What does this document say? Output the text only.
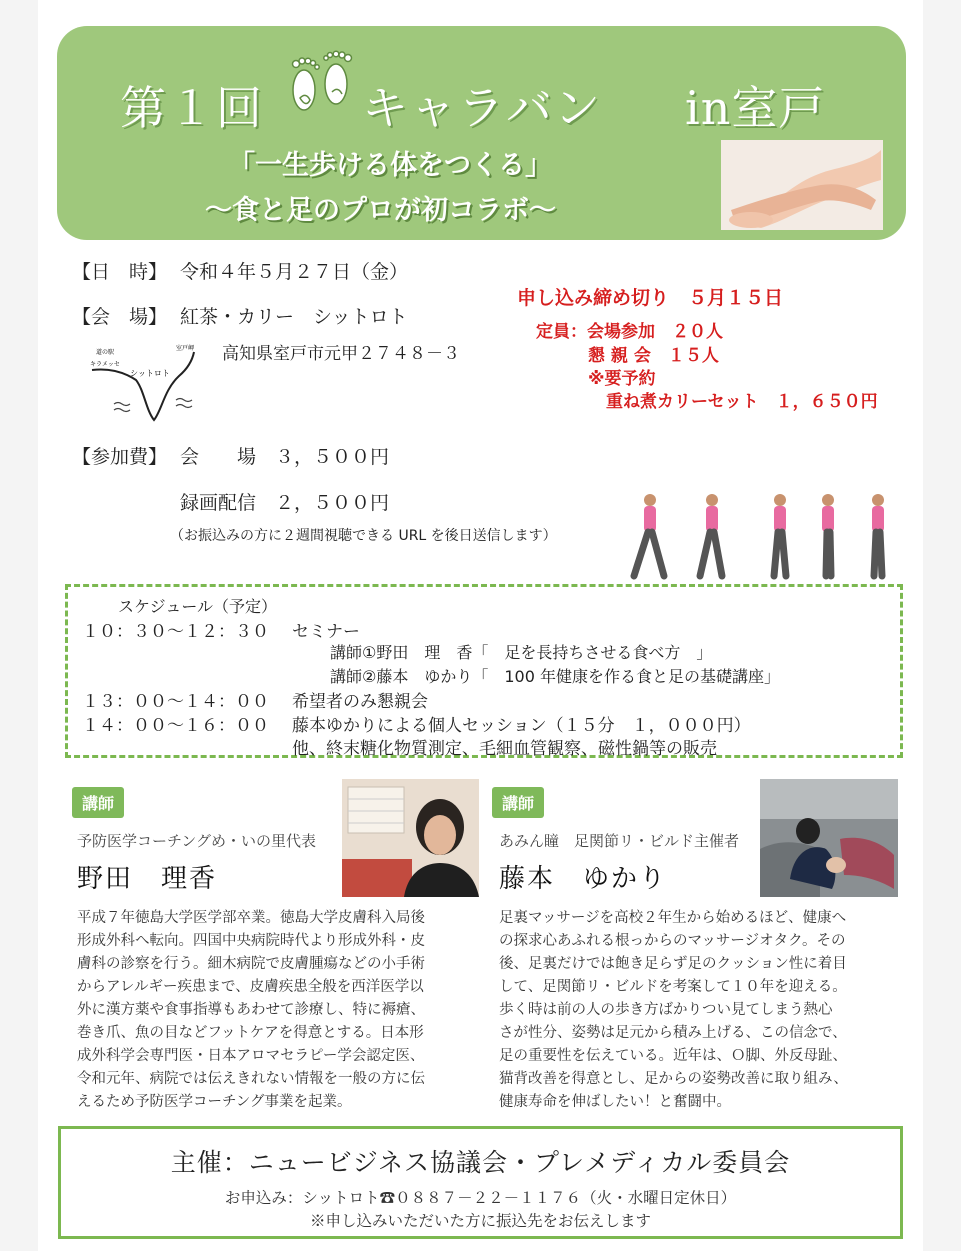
第１回 キャラバン in室戸
「一生歩ける体をつくる」
～食と足のプロが初コラボ～
【日　時】 令和４年５月２７日（金）
【会　場】 紅茶・カリー　シットロト
高知県室戸市元甲２７４８－３
道の駅
キラメッセ
室戸岬
シットロト
申し込み締め切り　５月１５日
定員：会場参加　２０人
懇 親 会　１５人
※要予約
重ね煮カリーセット　１，６５０円
【参加費】 会　　場　３，５００円
録画配信　２，５００円
（お振込みの方に２週間視聴できる URL を後日送信します）
スケジュール（予定）
１０：３０～１２：３０ セミナー
講師①野田　理　香「　足を長持ちさせる食べ方　」
講師②藤本　ゆかり「　100 年健康を作る食と足の基礎講座」
１３：００～１４：００ 希望者のみ懇親会
１４：００～１６：００ 藤本ゆかりによる個人セッション（１５分　１，０００円）
他、終末糖化物質測定、毛細血管観察、磁性鍋等の販売
講師
予防医学コーチングめ・いの里代表
野田　理香
平成７年徳島大学医学部卒業。徳島大学皮膚科入局後
形成外科へ転向。四国中央病院時代より形成外科・皮
膚科の診察を行う。細木病院で皮膚腫瘍などの小手術
からアレルギー疾患まで、皮膚疾患全般を西洋医学以
外に漢方薬や食事指導もあわせて診療し、特に褥瘡、
巻き爪、魚の目などフットケアを得意とする。日本形
成外科学会専門医・日本アロマセラピー学会認定医、
令和元年、病院では伝えきれない情報を一般の方に伝
えるため予防医学コーチング事業を起業。
講師
あみん瞳　足関節リ・ビルド主催者
藤本　ゆかり
足裏マッサージを高校２年生から始めるほど、健康へ
の探求心あふれる根っからのマッサージオタク。その
後、足裏だけでは飽き足らず足のクッション性に着目
して、足関節リ・ビルドを考案して１０年を迎える。
歩く時は前の人の歩き方ばかりつい見てしまう熱心
さが性分、姿勢は足元から積み上げる、この信念で、
足の重要性を伝えている。近年は、Ｏ脚、外反母趾、
猫背改善を得意とし、足からの姿勢改善に取り組み、
健康寿命を伸ばしたい！と奮闘中。
主催：ニュービジネス協議会・プレメディカル委員会
お申込み：シットロト☎０８８７－２２－１１７６（火・水曜日定休日）
※申し込みいただいた方に振込先をお伝えします
